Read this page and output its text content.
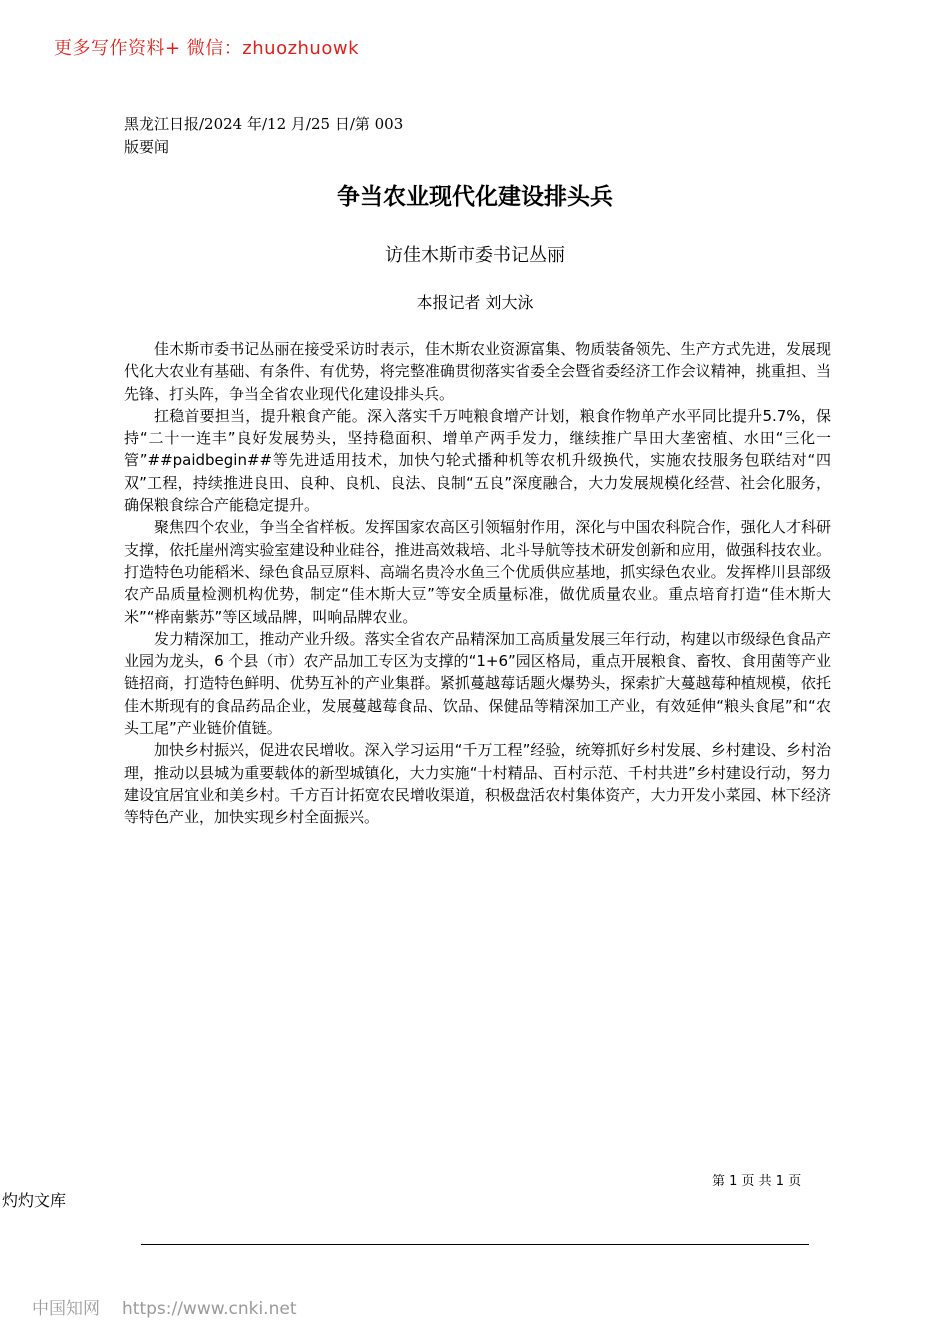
更多写作资料+ 微信：zhuozhuowk
黑龙江日报/2024 年/12 月/25 日/第 003
版要闻
争当农业现代化建设排头兵
访佳木斯市委书记丛丽
本报记者 刘大泳

佳木斯市委书记丛丽在接受采访时表示，佳木斯农业资源富集、物质装备领先、生产方式先进，发展现代化大农业有基础、有条件、有优势，将完整准确贯彻落实省委全会暨省委经济工作会议精神，挑重担、当先锋、打头阵，争当全省农业现代化建设排头兵。

扛稳首要担当，提升粮食产能。深入落实千万吨粮食增产计划，粮食作物单产水平同比提升5.7%，保持“二十一连丰”良好发展势头，坚持稳面积、增单产两手发力，继续推广旱田大垄密植、水田“三化一管”##paidbegin##等先进适用技术，加快勺轮式播种机等农机升级换代，实施农技服务包联结对“四双”工程，持续推进良田、良种、良机、良法、良制“五良”深度融合，大力发展规模化经营、社会化服务，确保粮食综合产能稳定提升。

聚焦四个农业，争当全省样板。发挥国家农高区引领辐射作用，深化与中国农科院合作，强化人才科研支撑，依托崖州湾实验室建设种业硅谷，推进高效栽培、北斗导航等技术研发创新和应用，做强科技农业。打造特色功能稻米、绿色食品豆原料、高端名贵冷水鱼三个优质供应基地，抓实绿色农业。发挥桦川县部级农产品质量检测机构优势，制定“佳木斯大豆”等安全质量标准，做优质量农业。重点培育打造“佳木斯大米”“桦南紫苏”等区域品牌，叫响品牌农业。

发力精深加工，推动产业升级。落实全省农产品精深加工高质量发展三年行动，构建以市级绿色食品产业园为龙头，6 个县（市）农产品加工专区为支撑的“1+6”园区格局，重点开展粮食、畜牧、食用菌等产业链招商，打造特色鲜明、优势互补的产业集群。紧抓蔓越莓话题火爆势头，探索扩大蔓越莓种植规模，依托佳木斯现有的食品药品企业，发展蔓越莓食品、饮品、保健品等精深加工产业，有效延伸“粮头食尾”和“农头工尾”产业链价值链。

加快乡村振兴，促进农民增收。深入学习运用“千万工程”经验，统筹抓好乡村发展、乡村建设、乡村治理，推动以县城为重要载体的新型城镇化，大力实施“十村精品、百村示范、千村共进”乡村建设行动，努力建设宜居宜业和美乡村。千方百计拓宽农民增收渠道，积极盘活农村集体资产，大力开发小菜园、林下经济等特色产业，加快实现乡村全面振兴。

第 1 页 共 1 页
灼灼文库
中国知网 https://www.cnki.net
